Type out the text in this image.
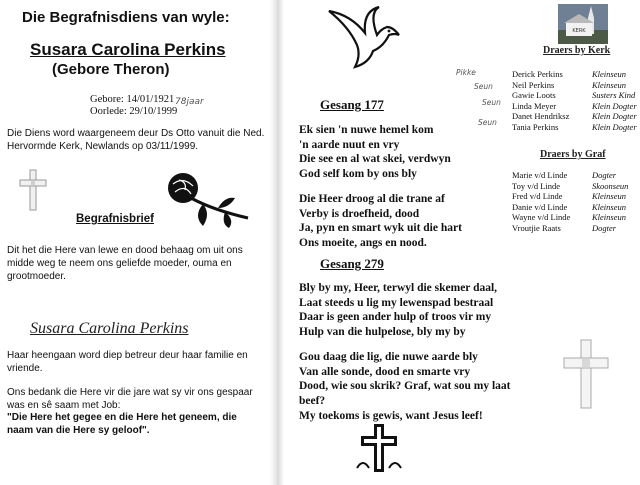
Die Begrafnisdiens van wyle:
Susara Carolina Perkins
(Gebore Theron)
Gebore: 14/01/1921
Oorlede: 29/10/1999
78jaar
Die Diens word waargeneem deur Ds Otto vanuit die Ned. Hervormde Kerk, Newlands op 03/11/1999.
Begrafnisbrief
Dit het die Here van lewe en dood behaag om uit ons midde weg te neem ons geliefde moeder, ouma en grootmoeder.
Susara Carolina Perkins
Haar heengaan word diep betreur deur haar familie en vriende.
Ons bedank die Here vir die jare wat sy vir ons gespaar was en sê saam met Job:
"Die Here het gegee en die Here het geneem, die naam van die Here sy geloof".
Gesang 177
Ek sien 'n nuwe hemel kom
'n aarde nuut en vry
Die see en al wat skei, verdwyn
God self kom by ons bly
Die Heer droog al die trane af
Verby is droefheid, dood
Ja, pyn en smart wyk uit die hart
Ons moeite, angs en nood.
Gesang 279
Bly by my, Heer, terwyl die skemer daal,
Laat steeds u lig my lewenspad bestraal
Daar is geen ander hulp of troos vir my
Hulp van die hulpelose, bly my by
Gou daag die lig, die nuwe aarde bly
Van alle sonde, dood en smarte vry
Dood, wie sou skrik? Graf, wat sou my laat
beef?
My toekoms is gewis, want Jesus leef!
KERK
Draers by Kerk
Derick Perkins	Kleinseun
Neil Perkins	Kleinseun
Gawie Loots	Susters Kind
Linda Meyer	Klein Dogter
Danet Hendriksz	Klein Dogter
Tania Perkins	Klein Dogter
Pikke
Seun
Seun
Seun
Draers by Graf
Marie v/d Linde	Dogter
Toy v/d Linde	Skoonseun
Fred v/d Linde	Kleinseun
Danie v/d Linde	Kleinseun
Wayne v/d Linde	Kleinseun
Vroutjie Raats	Dogter
